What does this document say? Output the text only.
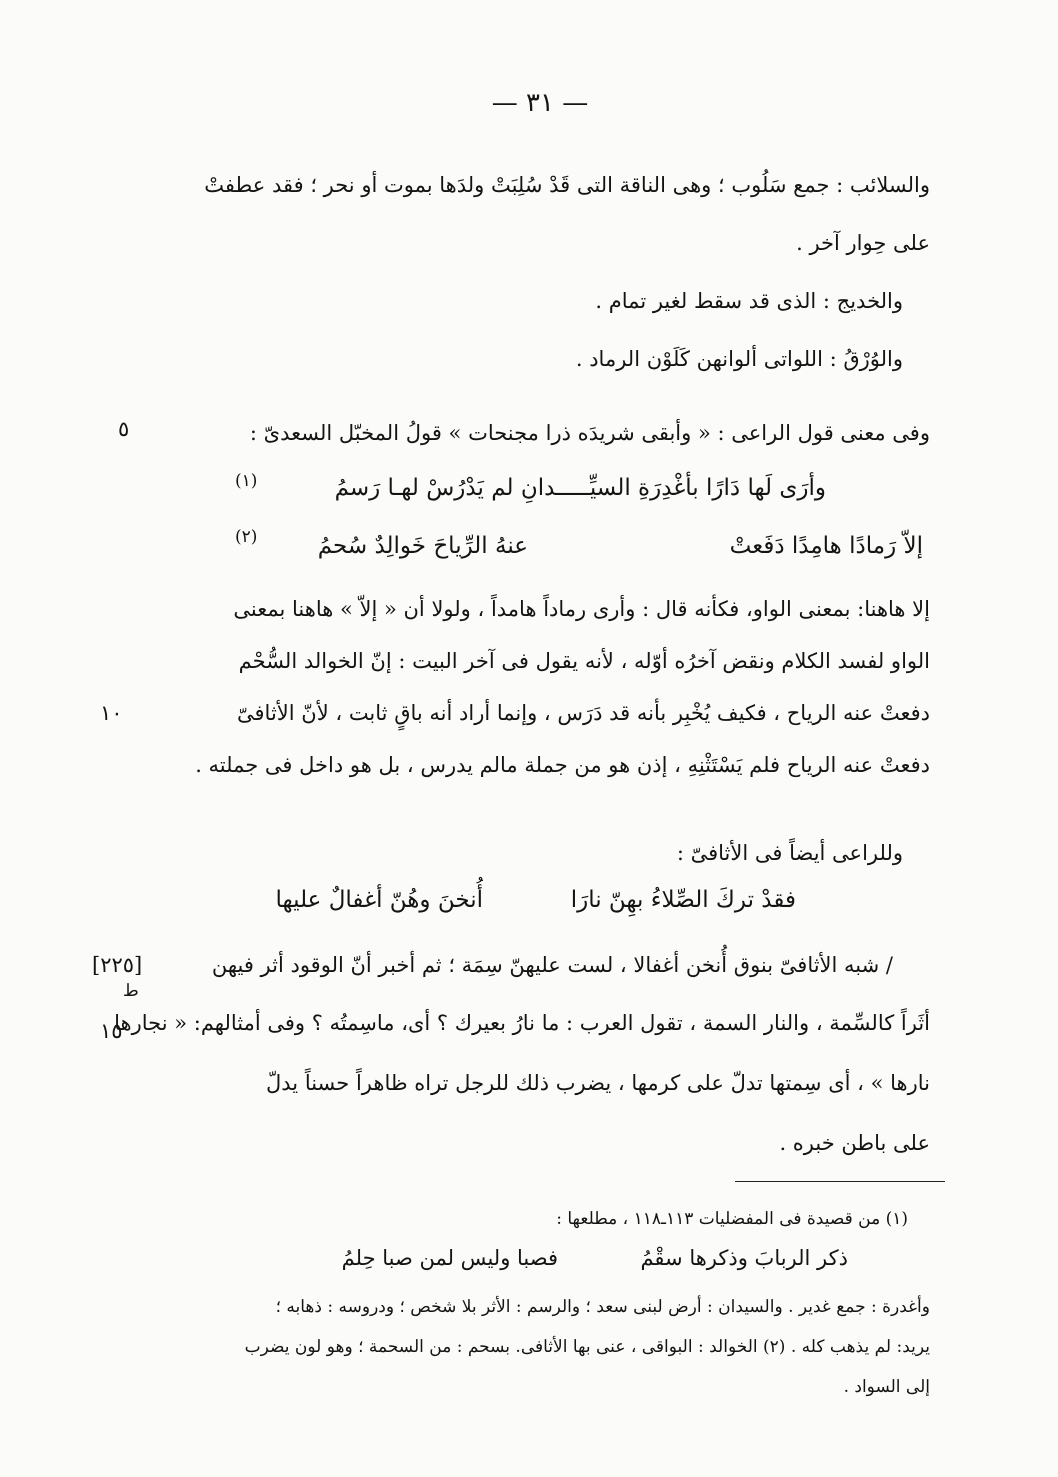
— ٣١ —
والسلائب : جمع سَلُوب ؛ وهى الناقة التى قَدْ سُلِبَتْ ولدَها بموت أو نحر ؛ فقد عطفتْ
على حِوار آخر .
والخديج : الذى قد سقط لغير تمام .
والوُرْقُ : اللواتى ألوانهن كَلَوْن الرماد .
وفى معنى قول الراعى : « وأبقى شريدَه ذرا مجنحات » قولُ المخبّل السعدىّ :
٥
وأرَى لَها دَارًا بأغْدِرَةِ السيِّـــــدانِ لم يَدْرُسْ لهـا رَسمُ
(١)
إلاّ رَمادًا هامِدًا دَفَعتْ
عنهُ الرِّياحَ خَوالِدٌ سُحمُ
(٢)
إلا هاهنا: بمعنى الواو، فكأنه قال : وأرى رماداً هامداً ، ولولا أن « إلاّ » هاهنا بمعنى
الواو لفسد الكلام ونقض آخرُه أوّله ، لأنه يقول فى آخر البيت : إنّ الخوالد السُّحْم
دفعتْ عنه الرياح ، فكيف يُخْبِر بأنه قد دَرَس ، وإنما أراد أنه باقٍ ثابت ، لأنّ الأثافىّ
١٠
دفعتْ عنه الرياح فلم يَسْتَثْنِهِ ، إذن هو من جملة مالم يدرس ، بل هو داخل فى جملته .
وللراعى أيضاً فى الأثافىّ :
أُنخنَ وهُنّ أغفالٌ عليها	فقدْ تركَ الصِّلاءُ بهِنّ نارَا
/ شبه الأثافىّ بنوق أُنخن أغفالا ، لست عليهنّ سِمَة ؛ ثم أخبر أنّ الوقود أثر فيهن
[٢٢٥]
ط
أثَراً كالسِّمة ، والنار السمة ، تقول العرب : ما نارُ بعيرك ؟ أى، ماسِمتُه ؟ وفى أمثالهم: « نجارها
١٥
نارها » ، أى سِمتها تدلّ على كرمها ، يضرب ذلك للرجل تراه ظاهراً حسناً يدلّ
على باطن خبره .
(١) من قصيدة فى المفضليات ١١٣ـ١١٨ ، مطلعها :
ذكر الربابَ وذكرها سقْمُ
فصبا وليس لمن صبا حِلمُ
وأغدرة : جمع غدير . والسيدان : أرض لبنى سعد ؛ والرسم : الأثر بلا شخص ؛ ودروسه : ذهابه ؛
يريد: لم يذهب كله . (٢) الخوالد : البواقى ، عنى بها الأثافى. بسحم : من السحمة ؛ وهو لون يضرب
إلى السواد .
